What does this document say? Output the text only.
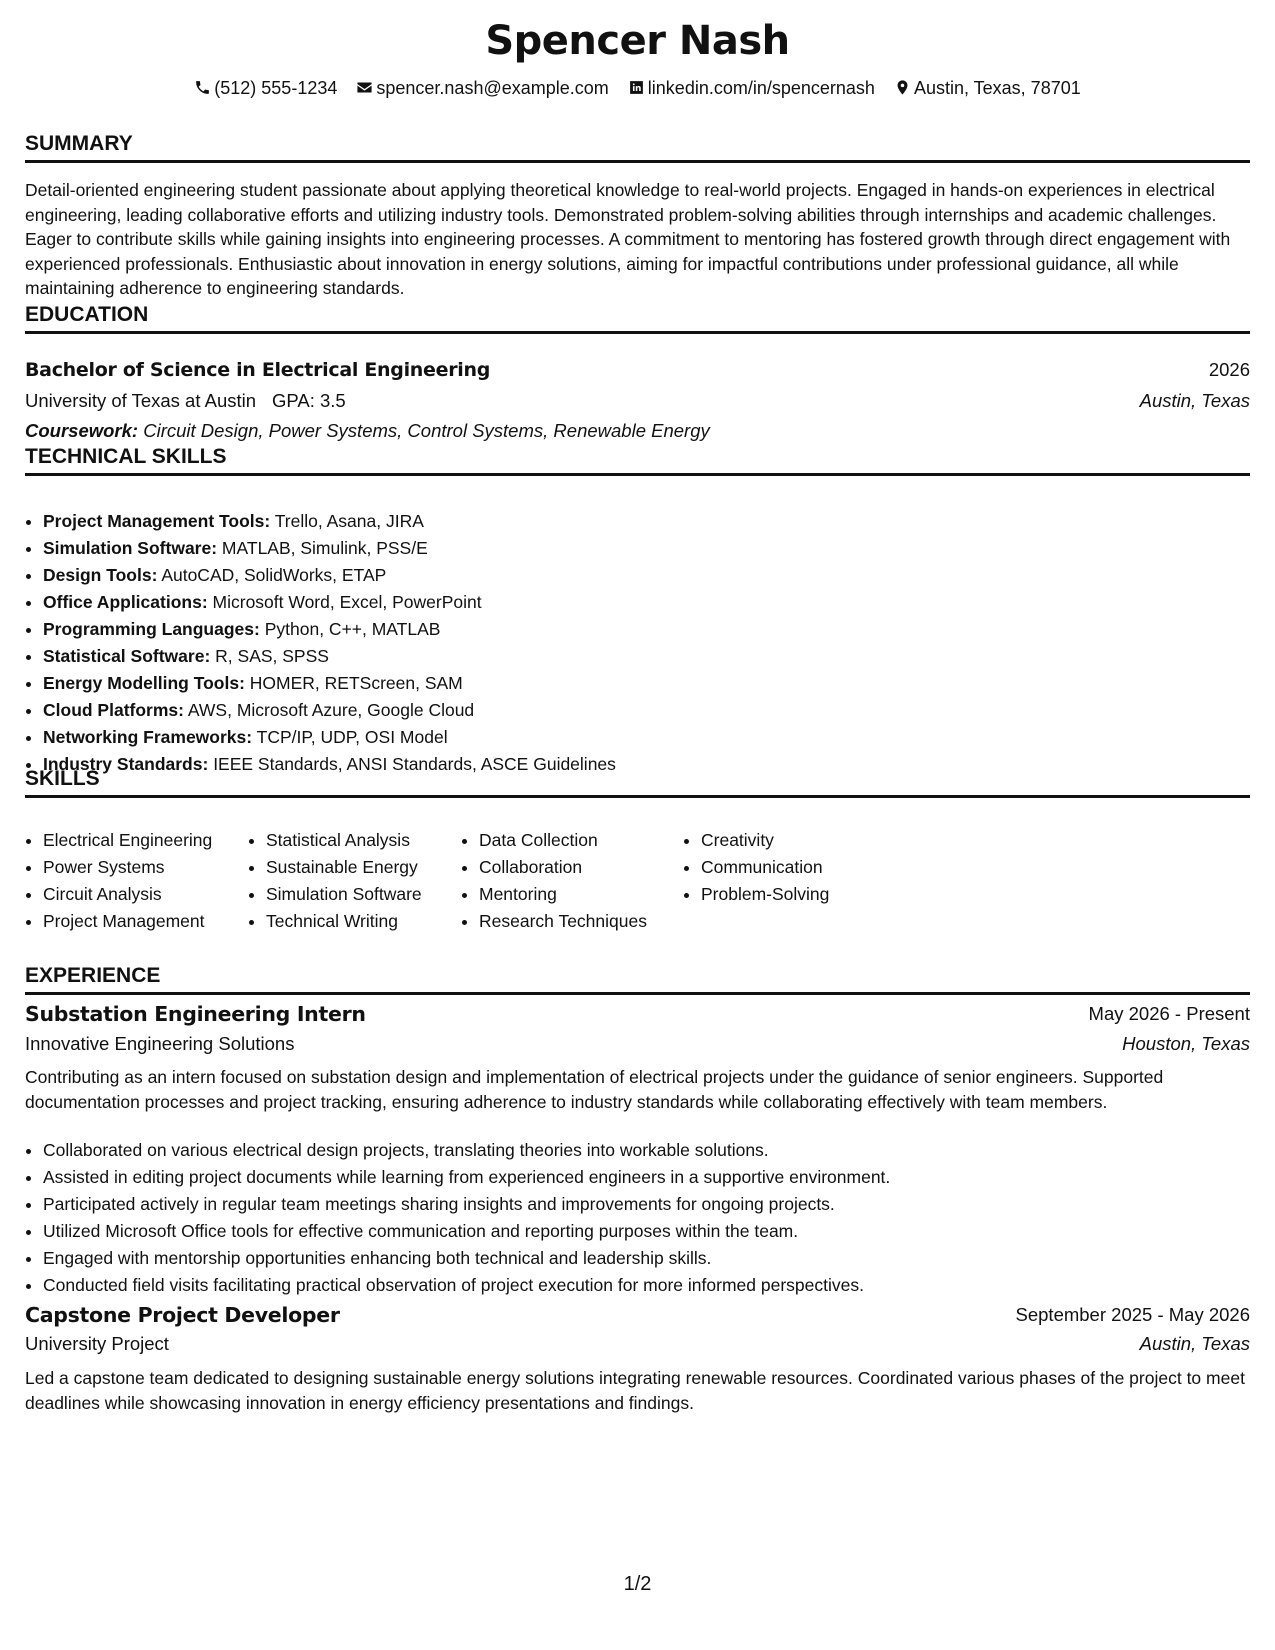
Spencer Nash
(512) 555-1234 spencer.nash@example.com linkedin.com/in/spencernash Austin, Texas, 78701
SUMMARY
Detail-oriented engineering student passionate about applying theoretical knowledge to real-world projects. Engaged in hands-on experiences in electrical engineering, leading collaborative efforts and utilizing industry tools. Demonstrated problem-solving abilities through internships and academic challenges. Eager to contribute skills while gaining insights into engineering processes. A commitment to mentoring has fostered growth through direct engagement with experienced professionals. Enthusiastic about innovation in energy solutions, aiming for impactful contributions under professional guidance, all while maintaining adherence to engineering standards.
EDUCATION
Bachelor of Science in Electrical Engineering	2026
University of Texas at Austin GPA: 3.5	Austin, Texas
Coursework: Circuit Design, Power Systems, Control Systems, Renewable Energy
TECHNICAL SKILLS
• Project Management Tools: Trello, Asana, JIRA
• Simulation Software: MATLAB, Simulink, PSS/E
• Design Tools: AutoCAD, SolidWorks, ETAP
• Office Applications: Microsoft Word, Excel, PowerPoint
• Programming Languages: Python, C++, MATLAB
• Statistical Software: R, SAS, SPSS
• Energy Modelling Tools: HOMER, RETScreen, SAM
• Cloud Platforms: AWS, Microsoft Azure, Google Cloud
• Networking Frameworks: TCP/IP, UDP, OSI Model
• Industry Standards: IEEE Standards, ANSI Standards, ASCE Guidelines
SKILLS
• Electrical Engineering
• Power Systems
• Circuit Analysis
• Project Management
• Statistical Analysis
• Sustainable Energy
• Simulation Software
• Technical Writing
• Data Collection
• Collaboration
• Mentoring
• Research Techniques
• Creativity
• Communication
• Problem-Solving
EXPERIENCE
Substation Engineering Intern	May 2026 - Present
Innovative Engineering Solutions	Houston, Texas
Contributing as an intern focused on substation design and implementation of electrical projects under the guidance of senior engineers. Supported documentation processes and project tracking, ensuring adherence to industry standards while collaborating effectively with team members.
• Collaborated on various electrical design projects, translating theories into workable solutions.
• Assisted in editing project documents while learning from experienced engineers in a supportive environment.
• Participated actively in regular team meetings sharing insights and improvements for ongoing projects.
• Utilized Microsoft Office tools for effective communication and reporting purposes within the team.
• Engaged with mentorship opportunities enhancing both technical and leadership skills.
• Conducted field visits facilitating practical observation of project execution for more informed perspectives.
Capstone Project Developer	September 2025 - May 2026
University Project	Austin, Texas
Led a capstone team dedicated to designing sustainable energy solutions integrating renewable resources. Coordinated various phases of the project to meet deadlines while showcasing innovation in energy efficiency presentations and findings.
1/2
